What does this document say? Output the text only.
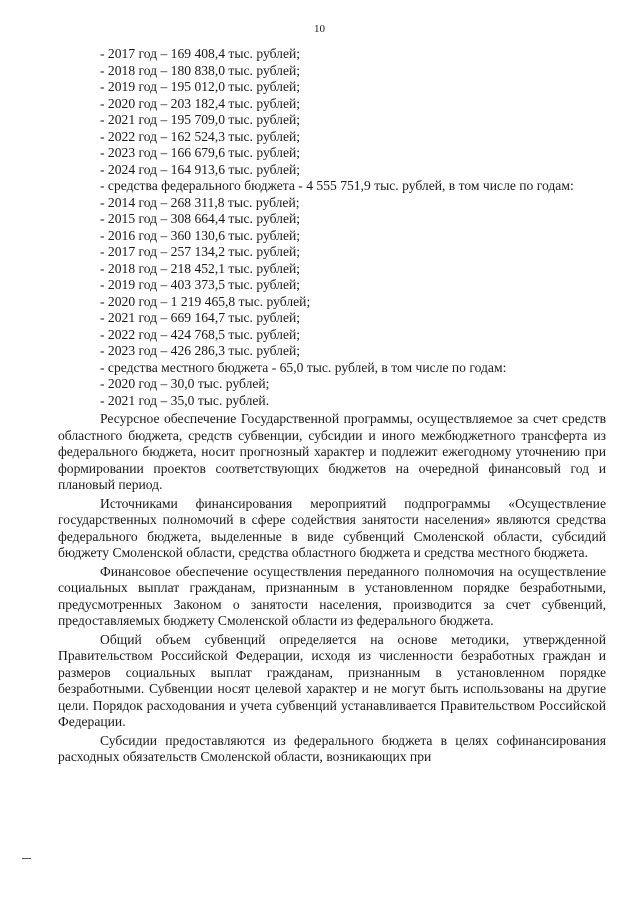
10
- 2017 год – 169 408,4 тыс. рублей;
- 2018 год – 180 838,0 тыс. рублей;
- 2019 год – 195 012,0 тыс. рублей;
- 2020 год – 203 182,4 тыс. рублей;
- 2021 год – 195 709,0 тыс. рублей;
- 2022 год – 162 524,3 тыс. рублей;
- 2023 год – 166 679,6 тыс. рублей;
- 2024 год – 164 913,6 тыс. рублей;

- средства федерального бюджета - 4 555 751,9 тыс. рублей, в том числе по годам:

- 2014 год – 268 311,8 тыс. рублей;
- 2015 год – 308 664,4 тыс. рублей;
- 2016 год – 360 130,6 тыс. рублей;
- 2017 год – 257 134,2 тыс. рублей;
- 2018 год – 218 452,1 тыс. рублей;
- 2019 год – 403 373,5 тыс. рублей;
- 2020 год – 1 219 465,8 тыс. рублей;
- 2021 год – 669 164,7 тыс. рублей;
- 2022 год – 424 768,5 тыс. рублей;
- 2023 год – 426 286,3 тыс. рублей;
- средства местного бюджета - 65,0 тыс. рублей, в том числе по годам:
- 2020 год – 30,0 тыс. рублей;
- 2021 год – 35,0 тыс. рублей.

Ресурсное обеспечение Государственной программы, осуществляемое за счет средств областного бюджета, средств субвенции, субсидии и иного межбюджетного трансферта из федерального бюджета, носит прогнозный характер и подлежит ежегодному уточнению при формировании проектов соответствующих бюджетов на очередной финансовый год и плановый период.

Источниками финансирования мероприятий подпрограммы «Осуществление государственных полномочий в сфере содействия занятости населения» являются средства федерального бюджета, выделенные в виде субвенций Смоленской области, субсидий бюджету Смоленской области, средства областного бюджета и средства местного бюджета.

Финансовое обеспечение осуществления переданного полномочия на осуществление социальных выплат гражданам, признанным в установленном порядке безработными, предусмотренных Законом о занятости населения, производится за счет субвенций, предоставляемых бюджету Смоленской области из федерального бюджета.

Общий объем субвенций определяется на основе методики, утвержденной Правительством Российской Федерации, исходя из численности безработных граждан и размеров социальных выплат гражданам, признанным в установленном порядке безработными. Субвенции носят целевой характер и не могут быть использованы на другие цели. Порядок расходования и учета субвенций устанавливается Правительством Российской Федерации.

Субсидии предоставляются из федерального бюджета в целях софинансирования расходных обязательств Смоленской области, возникающих при
